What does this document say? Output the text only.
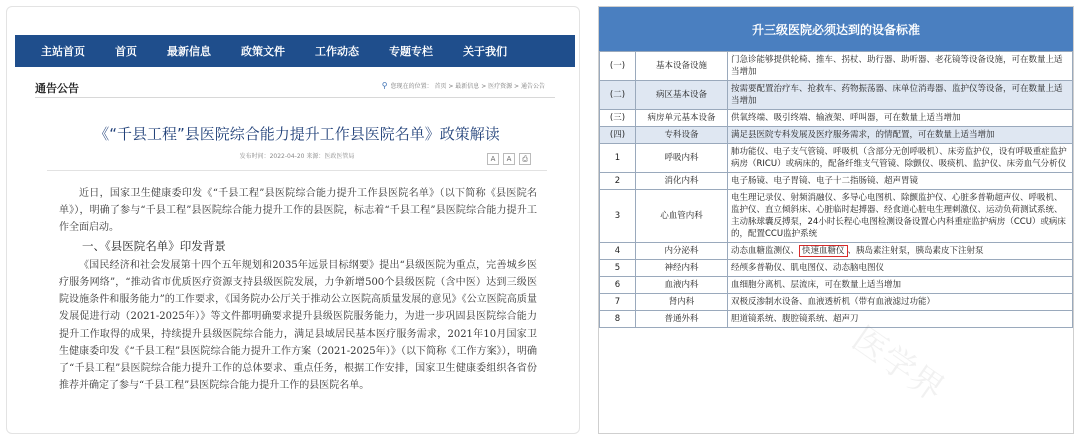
主站首页	首页	最新信息	政策文件	工作动态	专题专栏	关于我们
通告公告	⚲ 您现在的位置： 首页 > 最新信息 > 医疗资源 > 通告公告
《“千县工程”县医院综合能力提升工作县医院名单》政策解读
发布时间：2022-04-20 来源：医政医管局	A	A	⎙

近日，国家卫生健康委印发《“千县工程”县医院综合能力提升工作县医院名单》（以下简称《县医院名单》），明确了参与“千县工程”县医院综合能力提升工作的县医院，标志着“千县工程”县医院综合能力提升工作全面启动。

一、《县医院名单》印发背景

《国民经济和社会发展第十四个五年规划和2035年远景目标纲要》提出“县级医院为重点，完善城乡医疗服务网络”，“推动省市优质医疗资源支持县级医院发展，力争新增500个县级医院（含中医）达到三级医院设施条件和服务能力”的工作要求，《国务院办公厅关于推动公立医院高质量发展的意见》《公立医院高质量发展促进行动（2021-2025年）》等文件都明确要求提升县级医院服务能力，为进一步巩固县医院综合能力提升工作取得的成果，持续提升县级医院综合能力，满足县域居民基本医疗服务需求，2021年10月国家卫生健康委印发《“千县工程”县医院综合能力提升工作方案（2021-2025年）》（以下简称《工作方案》），明确了“千县工程”县医院综合能力提升工作的总体要求、重点任务，根据工作安排，国家卫生健康委组织各省份推荐并确定了参与“千县工程”县医院综合能力提升工作的县医院名单。

升三级医院必须达到的设备标准
(一)	基本设备设施	门急诊能够提供轮椅、推车、拐杖、助行器、助听器、老花镜等设备设施，可在数量上适当增加
(二)	病区基本设备	按需要配置治疗车、抢救车、药物振荡器、床单位消毒器、监护仪等设备，可在数量上适当增加
(三)	病房单元基本设备	供氧终端、吸引终端、输液架、呼叫器，可在数量上适当增加
(四)	专科设备	满足县医院专科发展及医疗服务需求，的情配置，可在数量上适当增加
1	呼吸内科	肺功能仪、电子支气管镜、呼吸机（含部分无创呼吸机）、床旁监护仪，设有呼吸重症监护病房（RICU）或病床的，配备纤维支气管镜、除颤仪、吸痰机、监护仪、床旁血气分析仪
2	消化内科	电子肠镜、电子胃镜、电子十二指肠镜、超声胃镜
3	心血管内科	电生理记录仪、射频消融仪、多导心电图机、除颤监护仪、心脏多普勒超声仪、呼吸机、监护仪、直立倾斜床、心脏临时起搏器、经食道心脏电生理刺激仪、运动负荷测试系统、主动脉球囊反搏泵，24小时长程心电图检测设备设置心内科重症监护病房（CCU）或病床的，配置CCU监护系统
4	内分泌科	动态血糖监测仪、 快速血糖仪 、胰岛素注射泵，胰岛素皮下注射泵
5	神经内科	经颅多普勒仪、肌电图仪、动态脑电图仪
6	血液内科	血细胞分离机、层流床，可在数量上适当增加
7	肾内科	双极反渗制水设备、血液透析机（带有血液滤过功能）
8	普通外科	胆道镜系统、腹腔镜系统、超声刀
医学界
